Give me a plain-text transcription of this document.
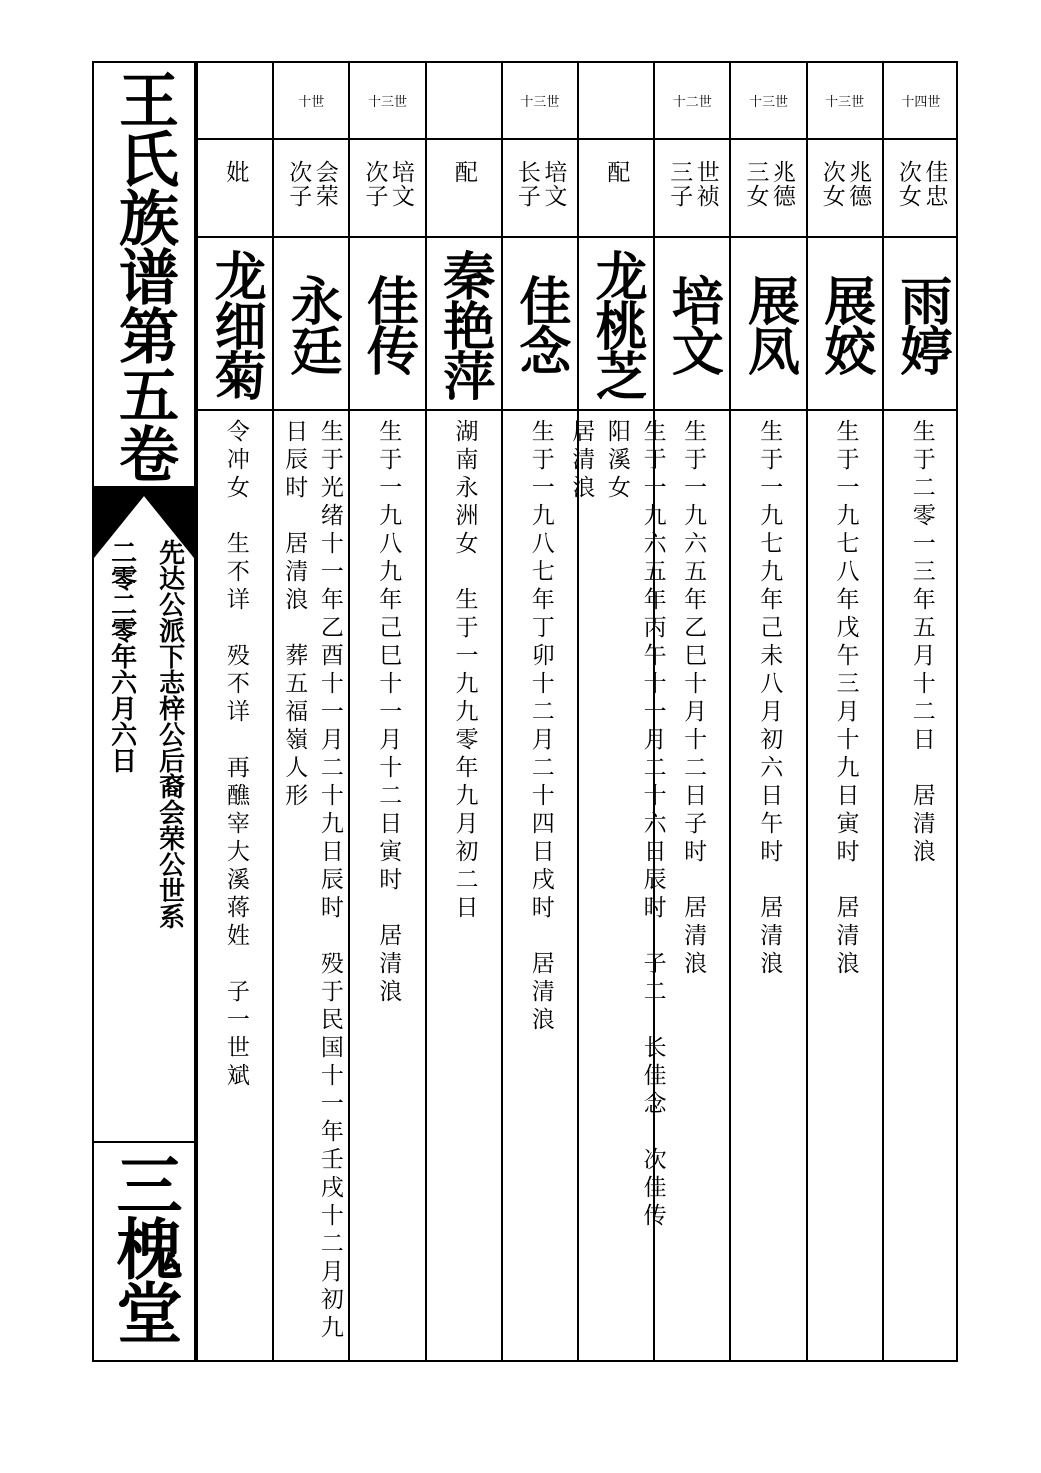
王氏族谱第五卷
先达公派下志梓公后裔会荣公世系
二零二零年六月六日
三槐堂
妣
龙细菊
令冲女　生不详　殁不详　再醮宰大溪蒋姓　子一世斌
十世
会荣
次子
永廷
生于光绪十一年乙酉十一月二十九日辰时　殁于民国十一年壬戌十二月初九
日辰时　居清浪　葬五福嶺人形
十三世
培文
次子
佳传
生于一九八九年己巳十一月十二日寅时　居清浪
配
秦艳萍
湖南永洲女　生于一九九零年九月初二日
十三世
培文
长子
佳念
生于一九八七年丁卯十二月二十四日戌时　居清浪
配
龙桃芝
生于一九六五年丙午十一月二十六日辰时　子二　长佳念　次佳传
阳溪女
居清浪
十二世
世祯
三子
培文
生于一九六五年乙巳十月十二日子时　居清浪
十三世
兆德
三女
展凤
生于一九七九年己未八月初六日午时　居清浪
十三世
兆德
次女
展姣
生于一九七八年戊午三月十九日寅时　居清浪
十四世
佳忠
次女
雨婷
生于二零一三年五月十二日　居清浪
